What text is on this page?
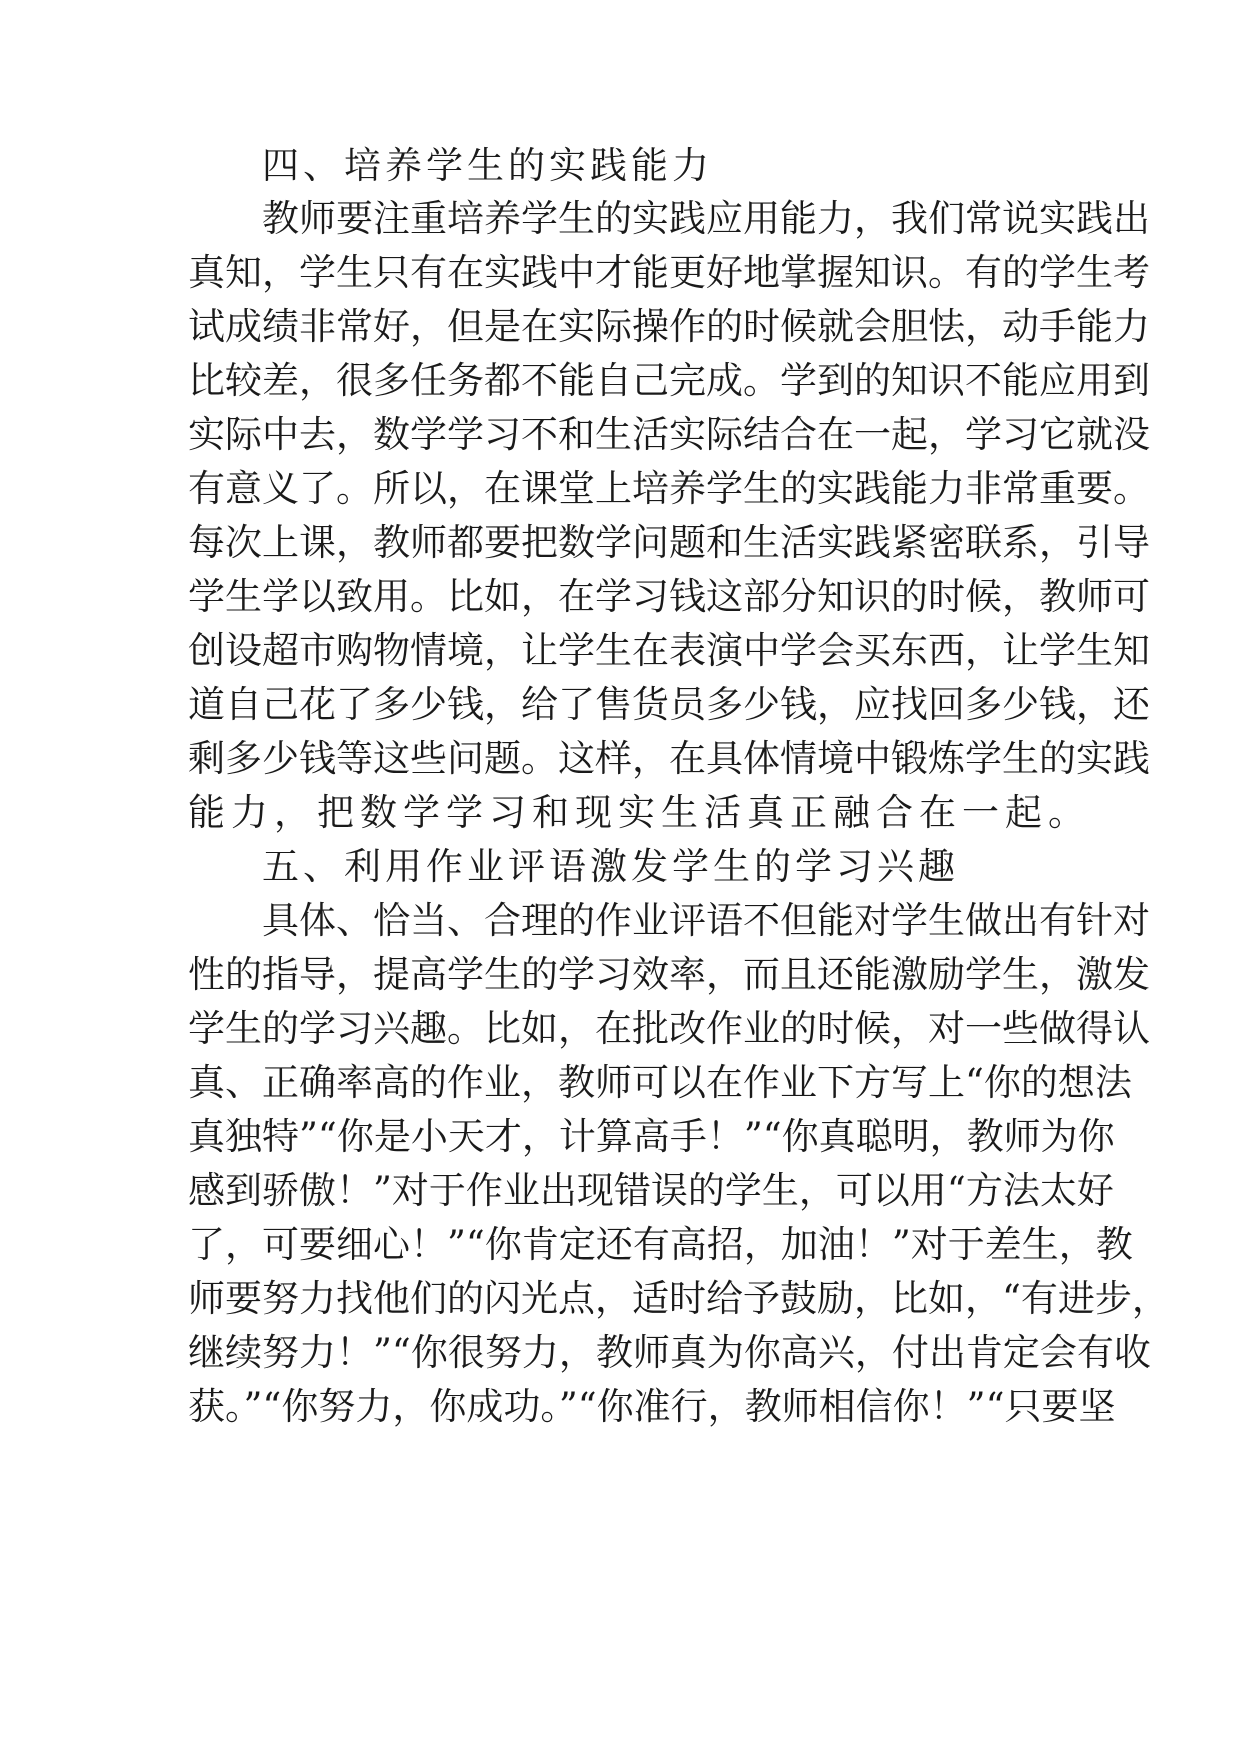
四、培养学生的实践能力
教师要注重培养学生的实践应用能力，我们常说实践出
真知，学生只有在实践中才能更好地掌握知识。有的学生考
试成绩非常好，但是在实际操作的时候就会胆怯，动手能力
比较差，很多任务都不能自己完成。学到的知识不能应用到
实际中去，数学学习不和生活实际结合在一起，学习它就没
有意义了。所以，在课堂上培养学生的实践能力非常重要。
每次上课，教师都要把数学问题和生活实践紧密联系，引导
学生学以致用。比如，在学习钱这部分知识的时候，教师可
创设超市购物情境，让学生在表演中学会买东西，让学生知
道自己花了多少钱，给了售货员多少钱，应找回多少钱，还
剩多少钱等这些问题。这样，在具体情境中锻炼学生的实践
能力，把数学学习和现实生活真正融合在一起。
五、利用作业评语激发学生的学习兴趣
具体、恰当、合理的作业评语不但能对学生做出有针对
性的指导，提高学生的学习效率，而且还能激励学生，激发
学生的学习兴趣。比如，在批改作业的时候，对一些做得认
真、正确率高的作业，教师可以在作业下方写上“你的想法
真独特”“你是小天才，计算高手！”“你真聪明，教师为你
感到骄傲！”对于作业出现错误的学生，可以用“方法太好
了，可要细心！”“你肯定还有高招，加油！”对于差生，教
师要努力找他们的闪光点，适时给予鼓励，比如，“有进步，
继续努力！”“你很努力，教师真为你高兴，付出肯定会有收
获。”“你努力，你成功。”“你准行，教师相信你！”“只要坚
